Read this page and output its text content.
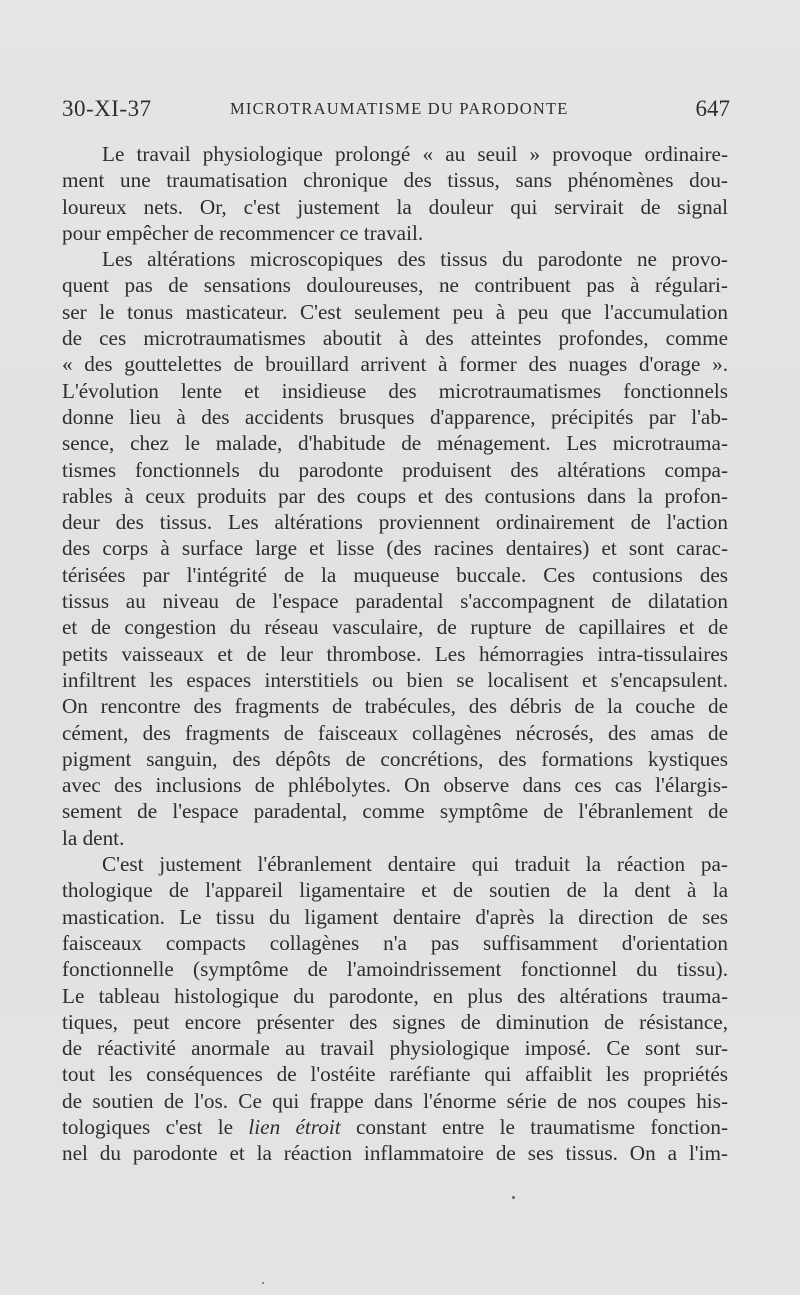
30-XI-37	MICROTRAUMATISME DU PARODONTE	647
Le travail physiologique prolongé « au seuil » provoque ordinaire-
ment une traumatisation chronique des tissus, sans phénomènes dou-
loureux nets. Or, c'est justement la douleur qui servirait de signal
pour empêcher de recommencer ce travail.
Les altérations microscopiques des tissus du parodonte ne provo-
quent pas de sensations douloureuses, ne contribuent pas à régulari-
ser le tonus masticateur. C'est seulement peu à peu que l'accumulation
de ces microtraumatismes aboutit à des atteintes profondes, comme
« des gouttelettes de brouillard arrivent à former des nuages d'orage ».
L'évolution lente et insidieuse des microtraumatismes fonctionnels
donne lieu à des accidents brusques d'apparence, précipités par l'ab-
sence, chez le malade, d'habitude de ménagement. Les microtrauma-
tismes fonctionnels du parodonte produisent des altérations compa-
rables à ceux produits par des coups et des contusions dans la profon-
deur des tissus. Les altérations proviennent ordinairement de l'action
des corps à surface large et lisse (des racines dentaires) et sont carac-
térisées par l'intégrité de la muqueuse buccale. Ces contusions des
tissus au niveau de l'espace paradental s'accompagnent de dilatation
et de congestion du réseau vasculaire, de rupture de capillaires et de
petits vaisseaux et de leur thrombose. Les hémorragies intra-tissulaires
infiltrent les espaces interstitiels ou bien se localisent et s'encapsulent.
On rencontre des fragments de trabécules, des débris de la couche de
cément, des fragments de faisceaux collagènes nécrosés, des amas de
pigment sanguin, des dépôts de concrétions, des formations kystiques
avec des inclusions de phlébolytes. On observe dans ces cas l'élargis-
sement de l'espace paradental, comme symptôme de l'ébranlement de
la dent.
C'est justement l'ébranlement dentaire qui traduit la réaction pa-
thologique de l'appareil ligamentaire et de soutien de la dent à la
mastication. Le tissu du ligament dentaire d'après la direction de ses
faisceaux compacts collagènes n'a pas suffisamment d'orientation
fonctionnelle (symptôme de l'amoindrissement fonctionnel du tissu).
Le tableau histologique du parodonte, en plus des altérations trauma-
tiques, peut encore présenter des signes de diminution de résistance,
de réactivité anormale au travail physiologique imposé. Ce sont sur-
tout les conséquences de l'ostéite raréfiante qui affaiblit les propriétés
de soutien de l'os. Ce qui frappe dans l'énorme série de nos coupes his-
tologiques c'est le lien étroit constant entre le traumatisme fonction-
nel du parodonte et la réaction inflammatoire de ses tissus. On a l'im-
